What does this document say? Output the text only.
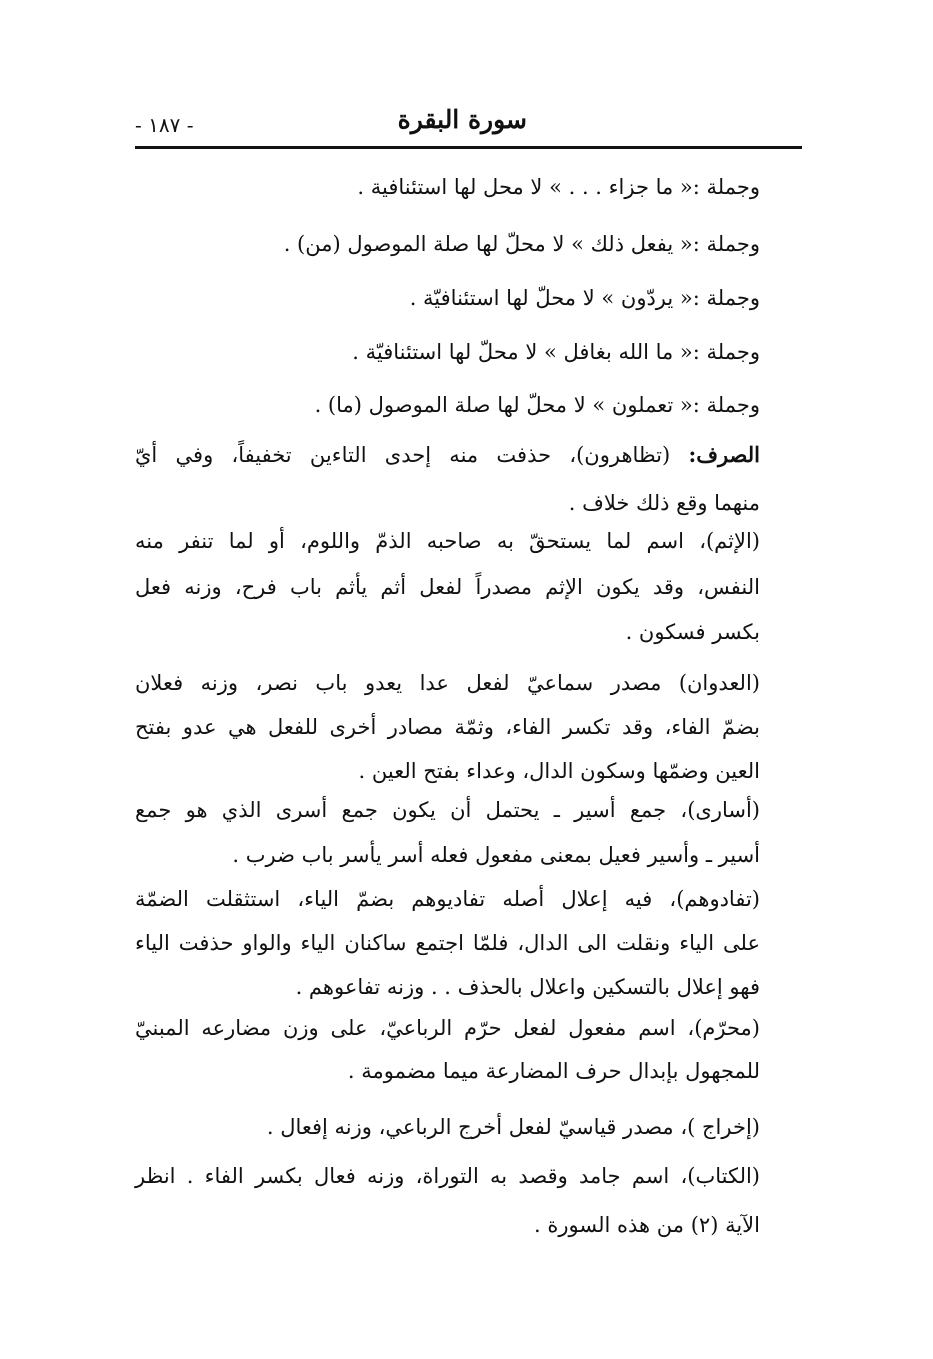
سورة البقرة
- ١٨٧ -
وجملة :« ما جزاء . . . » لا محل لها استئنافية .
وجملة :« يفعل ذلك » لا محلّ لها صلة الموصول (من) .
وجملة :« يردّون » لا محلّ لها استئنافيّة .
وجملة :« ما الله بغافل » لا محلّ لها استئنافيّة .
وجملة :« تعملون » لا محلّ لها صلة الموصول (ما) .
الصرف: (تظاهرون)، حذفت منه إحدى التاءين تخفيفاً، وفي أيّ
منهما وقع ذلك خلاف .
(الإثم)، اسم لما يستحقّ به صاحبه الذمّ واللوم، أو لما تنفر منه
النفس، وقد يكون الإثم مصدراً لفعل أثم يأثم باب فرح، وزنه فعل
بكسر فسكون .
(العدوان) مصدر سماعيّ لفعل عدا يعدو باب نصر، وزنه فعلان
بضمّ الفاء، وقد تكسر الفاء، وثمّة مصادر أخرى للفعل هي عدو بفتح
العين وضمّها وسكون الدال، وعداء بفتح العين .
(أسارى)، جمع أسير ـ يحتمل أن يكون جمع أسرى الذي هو جمع
أسير ـ وأسير فعيل بمعنى مفعول فعله أسر يأسر باب ضرب .
(تفادوهم)، فيه إعلال أصله تفاديوهم بضمّ الياء، استثقلت الضمّة
على الياء ونقلت الى الدال، فلمّا اجتمع ساكنان الياء والواو حذفت الياء
فهو إعلال بالتسكين واعلال بالحذف . . وزنه تفاعوهم .
(محرّم)، اسم مفعول لفعل حرّم الرباعيّ، على وزن مضارعه المبنيّ
للمجهول بإبدال حرف المضارعة ميما مضمومة .
(إخراج )، مصدر قياسيّ لفعل أخرج الرباعي، وزنه إفعال .
(الكتاب)، اسم جامد وقصد به التوراة، وزنه فعال بكسر الفاء . انظر
الآية (٢) من هذه السورة .
